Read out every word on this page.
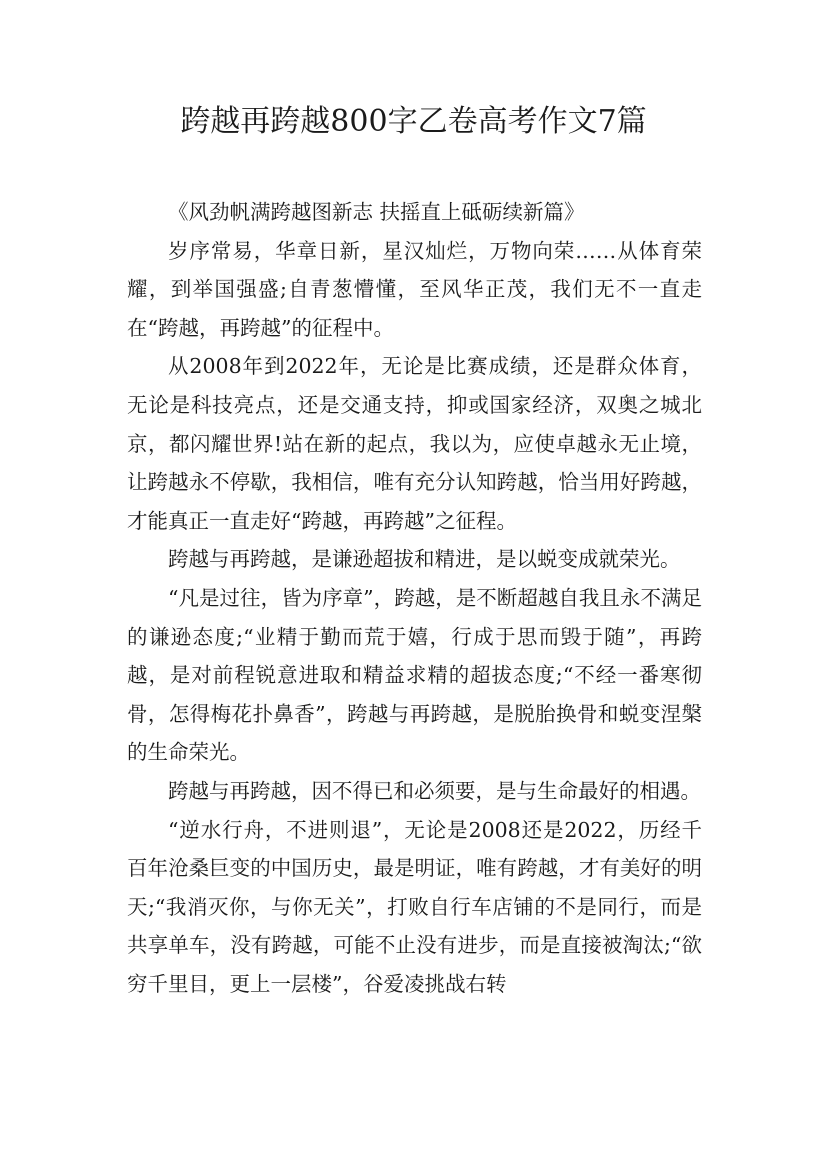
跨越再跨越800字乙卷高考作文7篇

《风劲帆满跨越图新志 扶摇直上砥砺续新篇》

岁序常易，华章日新，星汉灿烂，万物向荣……从体育荣耀，到举国强盛;自青葱懵懂，至风华正茂，我们无不一直走在“跨越，再跨越”的征程中。

从2008年到2022年，无论是比赛成绩，还是群众体育，无论是科技亮点，还是交通支持，抑或国家经济，双奥之城北京，都闪耀世界!站在新的起点，我以为，应使卓越永无止境，让跨越永不停歇，我相信，唯有充分认知跨越，恰当用好跨越，才能真正一直走好“跨越，再跨越”之征程。

跨越与再跨越，是谦逊超拔和精进，是以蜕变成就荣光。

“凡是过往，皆为序章”，跨越，是不断超越自我且永不满足的谦逊态度;“业精于勤而荒于嬉，行成于思而毁于随”，再跨越，是对前程锐意进取和精益求精的超拔态度;“不经一番寒彻骨，怎得梅花扑鼻香”，跨越与再跨越，是脱胎换骨和蜕变涅槃的生命荣光。

跨越与再跨越，因不得已和必须要，是与生命最好的相遇。

“逆水行舟，不进则退”，无论是2008还是2022，历经千百年沧桑巨变的中国历史，最是明证，唯有跨越，才有美好的明天;“我消灭你，与你无关”，打败自行车店铺的不是同行，而是共享单车，没有跨越，可能不止没有进步，而是直接被淘汰;“欲穷千里目，更上一层楼”，谷爱凌挑战右转
